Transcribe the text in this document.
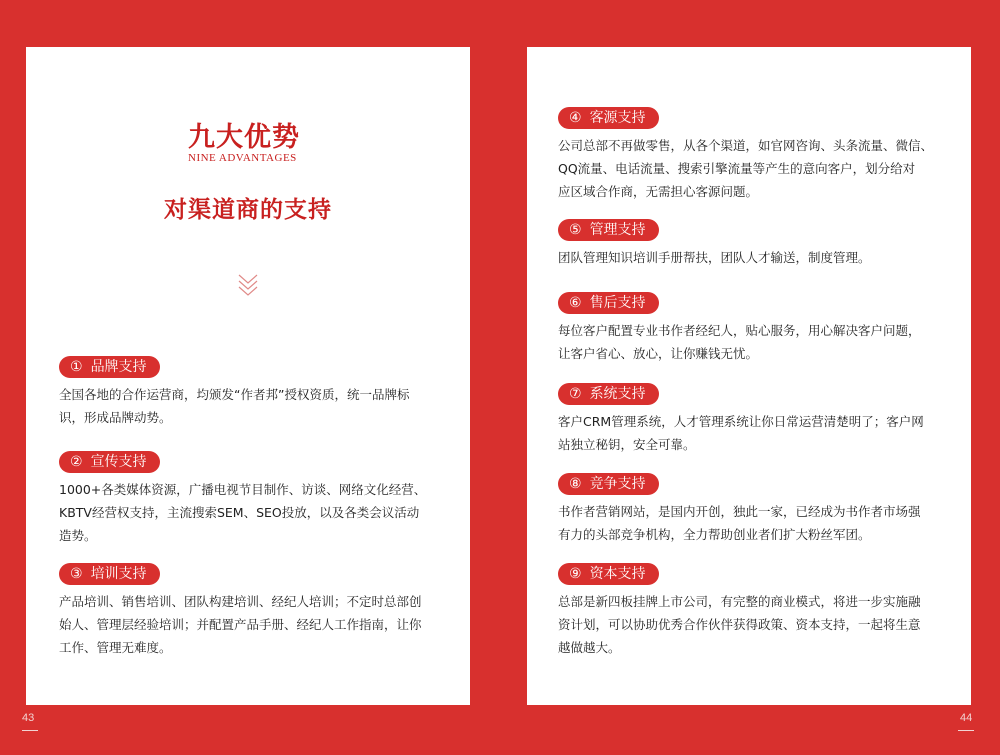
九大优势
NINE ADVANTAGES
对渠道商的支持
① 品牌支持
全国各地的合作运营商，均颁发“作者邦”授权资质，统一品牌标
识，形成品牌动势。
② 宣传支持
1000+各类媒体资源，广播电视节目制作、访谈、网络文化经营、
KBTV经营权支持，主流搜索SEM、SEO投放，以及各类会议活动
造势。
③ 培训支持
产品培训、销售培训、团队构建培训、经纪人培训；不定时总部创
始人、管理层经验培训；并配置产品手册、经纪人工作指南，让你
工作、管理无难度。
④ 客源支持
公司总部不再做零售，从各个渠道，如官网咨询、头条流量、微信、
QQ流量、电话流量、搜索引擎流量等产生的意向客户，划分给对
应区域合作商，无需担心客源问题。
⑤ 管理支持
团队管理知识培训手册帮扶，团队人才输送，制度管理。
⑥ 售后支持
每位客户配置专业书作者经纪人，贴心服务，用心解决客户问题，
让客户省心、放心，让你赚钱无忧。
⑦ 系统支持
客户CRM管理系统，人才管理系统让你日常运营清楚明了；客户网
站独立秘钥，安全可靠。
⑧ 竞争支持
书作者营销网站，是国内开创，独此一家，已经成为书作者市场强
有力的头部竞争机构，全力帮助创业者们扩大粉丝军团。
⑨ 资本支持
总部是新四板挂牌上市公司，有完整的商业模式，将进一步实施融
资计划，可以协助优秀合作伙伴获得政策、资本支持，一起将生意
越做越大。
43	44
